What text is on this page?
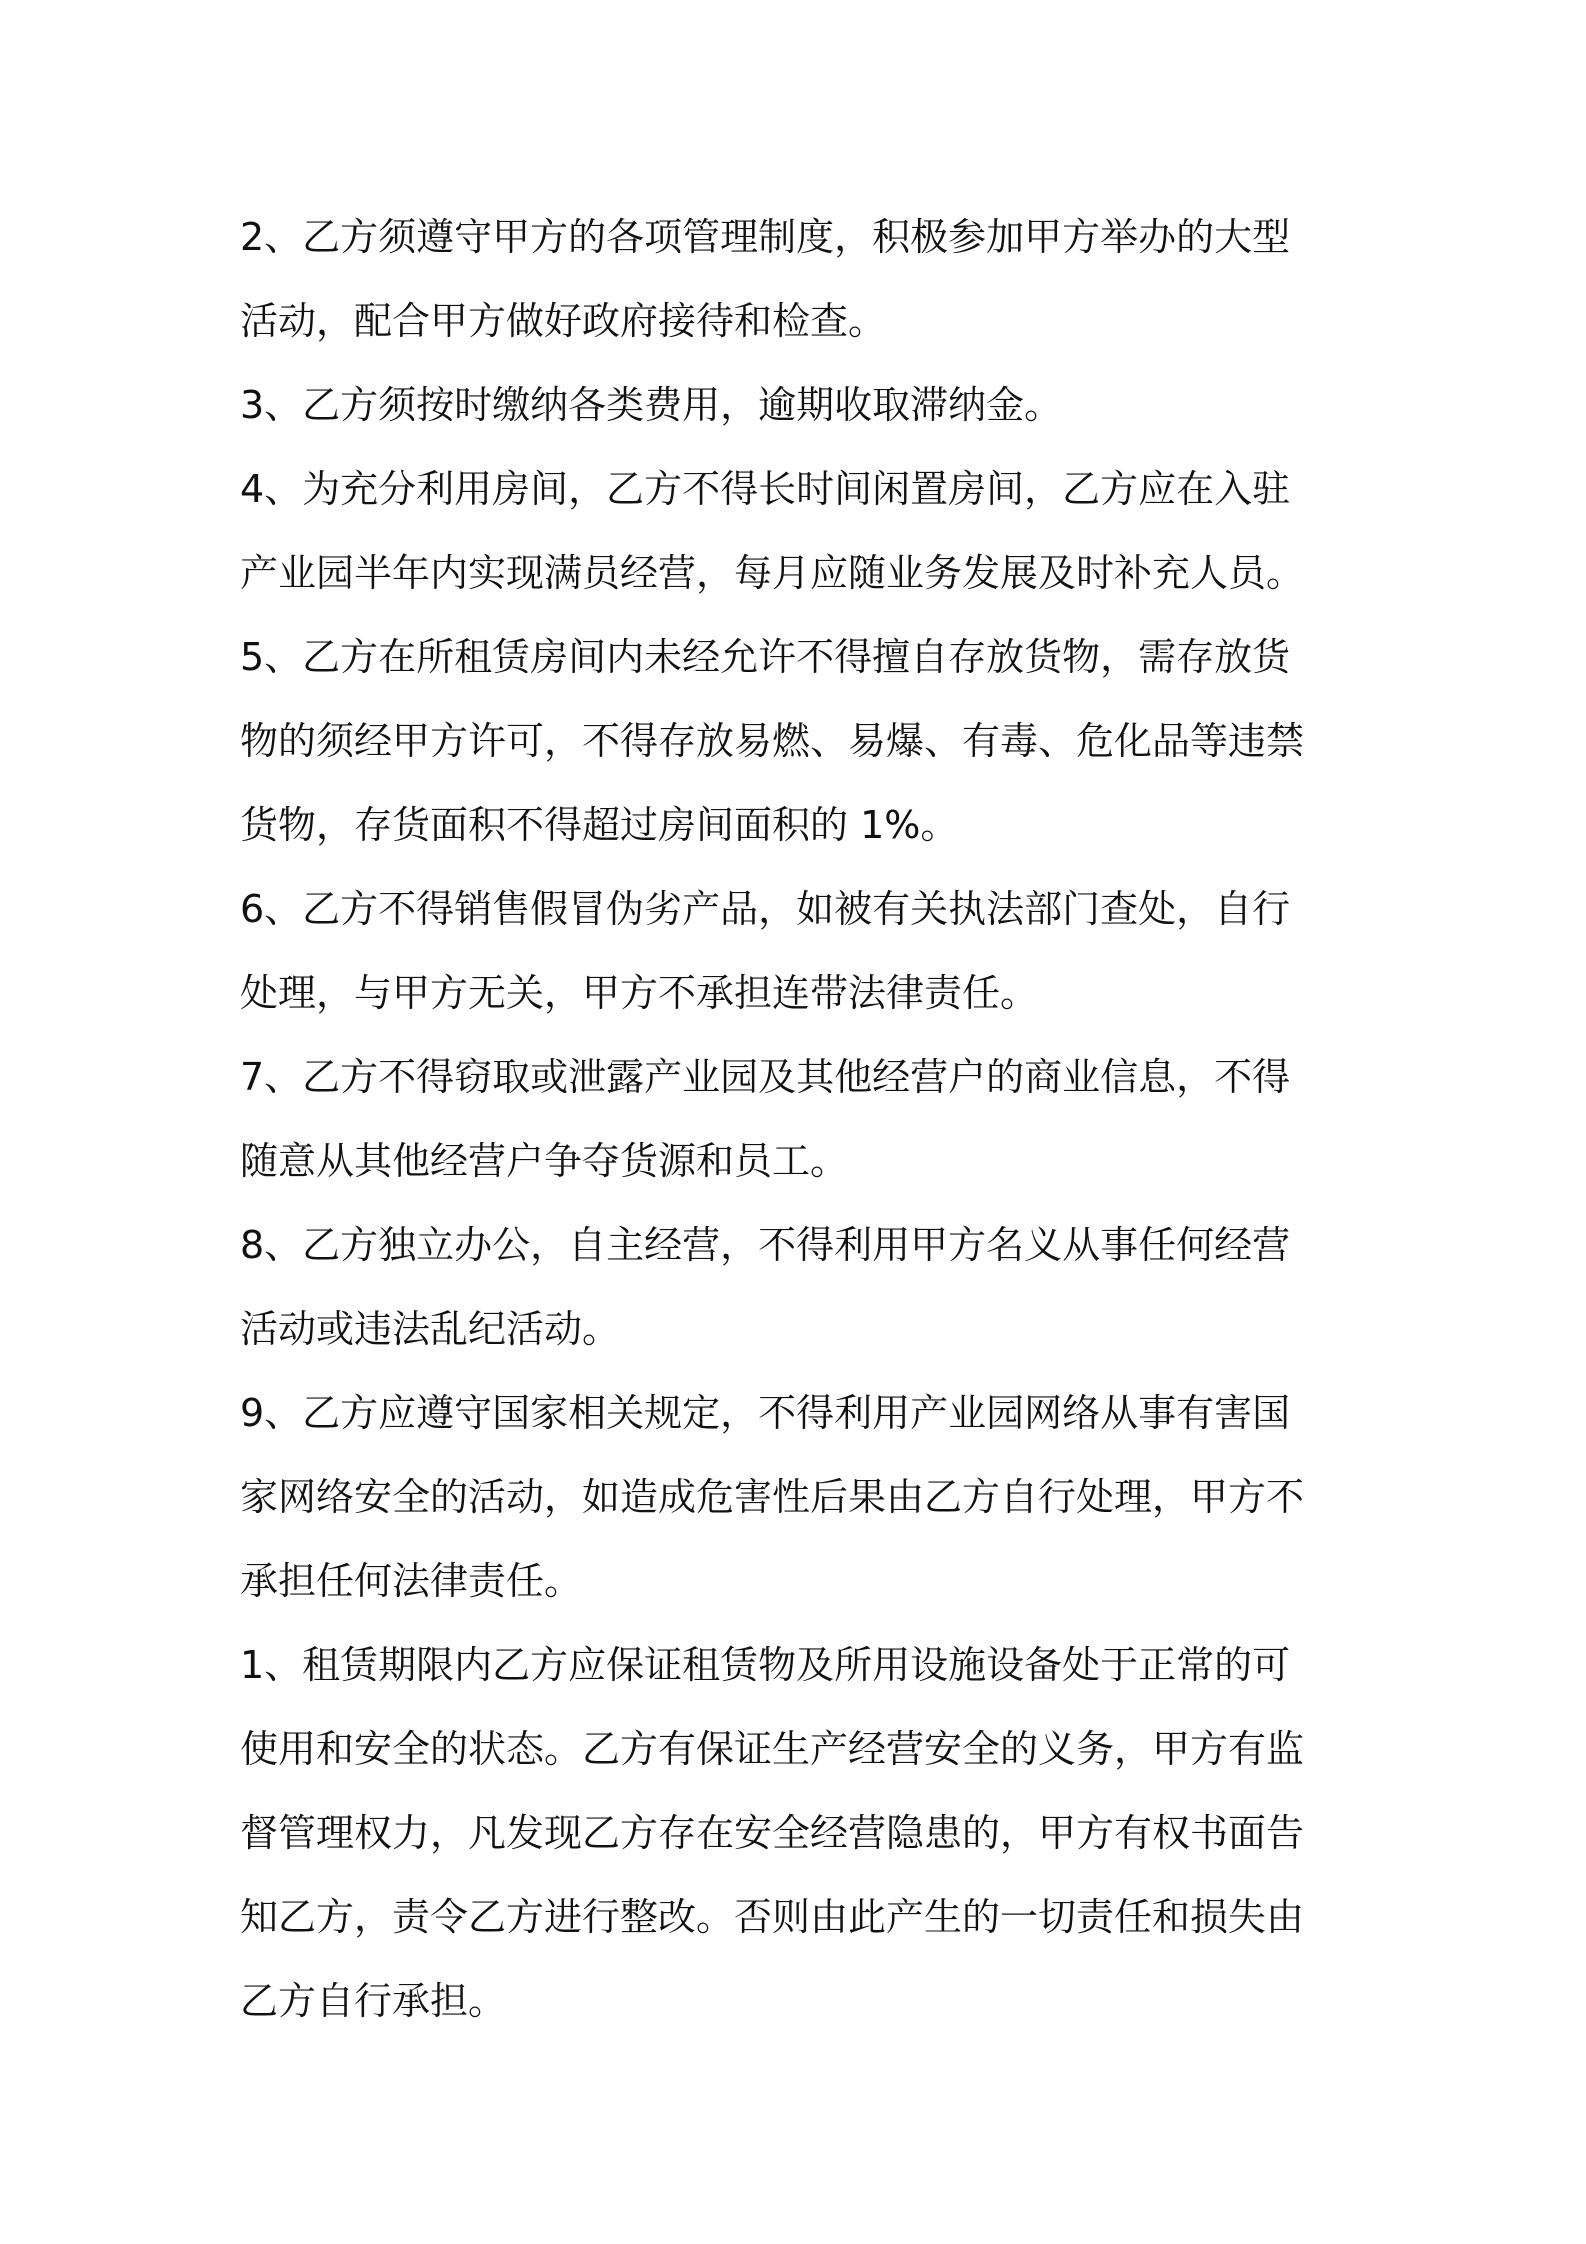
2、乙方须遵守甲方的各项管理制度，积极参加甲方举办的大型
活动，配合甲方做好政府接待和检查。

3、乙方须按时缴纳各类费用，逾期收取滞纳金。

4、为充分利用房间，乙方不得长时间闲置房间，乙方应在入驻
产业园半年内实现满员经营，每月应随业务发展及时补充人员。

5、乙方在所租赁房间内未经允许不得擅自存放货物，需存放货
物的须经甲方许可，不得存放易燃、易爆、有毒、危化品等违禁
货物，存货面积不得超过房间面积的 1%。

6、乙方不得销售假冒伪劣产品，如被有关执法部门查处，自行
处理，与甲方无关，甲方不承担连带法律责任。

7、乙方不得窃取或泄露产业园及其他经营户的商业信息，不得
随意从其他经营户争夺货源和员工。

8、乙方独立办公，自主经营，不得利用甲方名义从事任何经营
活动或违法乱纪活动。

9、乙方应遵守国家相关规定，不得利用产业园网络从事有害国
家网络安全的活动，如造成危害性后果由乙方自行处理，甲方不
承担任何法律责任。

1、租赁期限内乙方应保证租赁物及所用设施设备处于正常的可
使用和安全的状态。乙方有保证生产经营安全的义务，甲方有监
督管理权力，凡发现乙方存在安全经营隐患的，甲方有权书面告
知乙方，责令乙方进行整改。否则由此产生的一切责任和损失由
乙方自行承担。
